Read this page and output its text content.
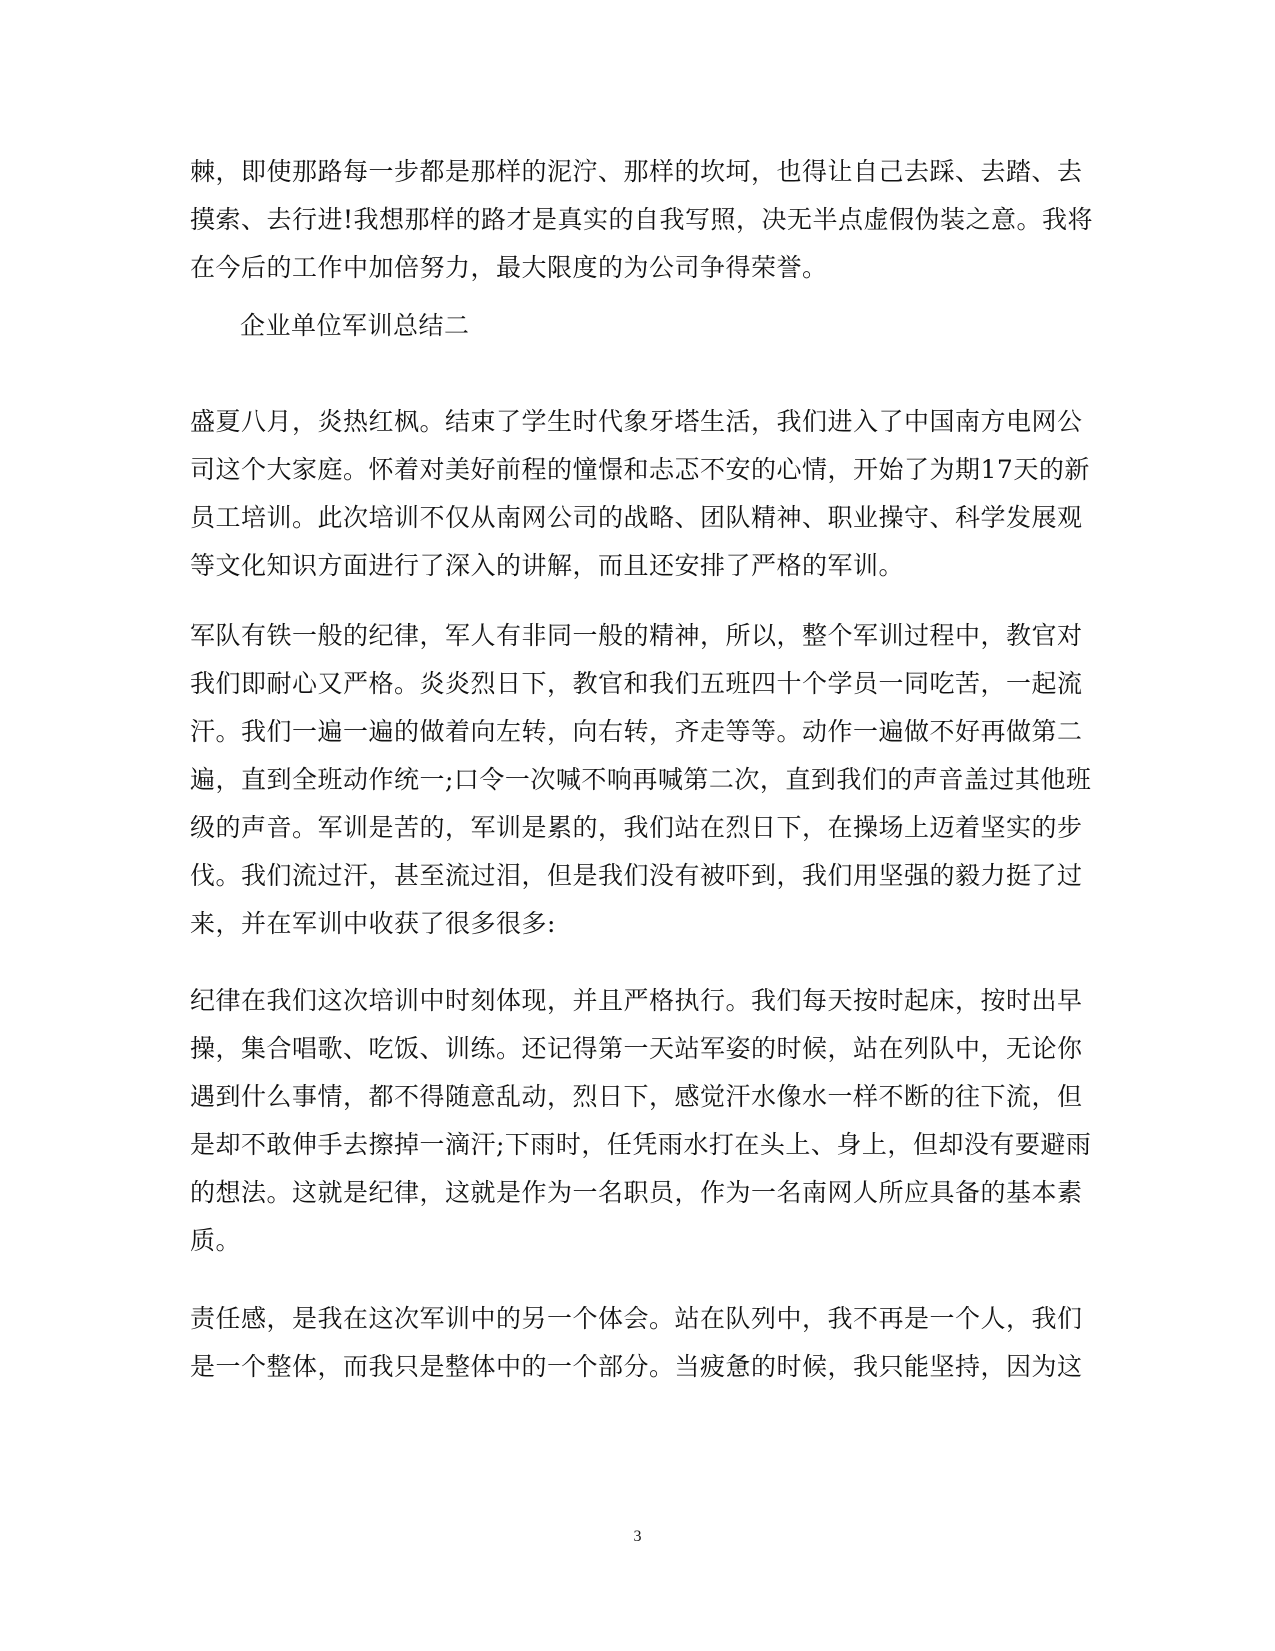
棘，即使那路每一步都是那样的泥泞、那样的坎坷，也得让自己去踩、去踏、去
摸索、去行进!我想那样的路才是真实的自我写照，决无半点虚假伪装之意。我将
在今后的工作中加倍努力，最大限度的为公司争得荣誉。
企业单位军训总结二
盛夏八月，炎热红枫。结束了学生时代象牙塔生活，我们进入了中国南方电网公
司这个大家庭。怀着对美好前程的憧憬和忐忑不安的心情，开始了为期17天的新
员工培训。此次培训不仅从南网公司的战略、团队精神、职业操守、科学发展观
等文化知识方面进行了深入的讲解，而且还安排了严格的军训。
军队有铁一般的纪律，军人有非同一般的精神，所以，整个军训过程中，教官对
我们即耐心又严格。炎炎烈日下，教官和我们五班四十个学员一同吃苦，一起流
汗。我们一遍一遍的做着向左转，向右转，齐走等等。动作一遍做不好再做第二
遍，直到全班动作统一;口令一次喊不响再喊第二次，直到我们的声音盖过其他班
级的声音。军训是苦的，军训是累的，我们站在烈日下，在操场上迈着坚实的步
伐。我们流过汗，甚至流过泪，但是我们没有被吓到，我们用坚强的毅力挺了过
来，并在军训中收获了很多很多:
纪律在我们这次培训中时刻体现，并且严格执行。我们每天按时起床，按时出早
操，集合唱歌、吃饭、训练。还记得第一天站军姿的时候，站在列队中，无论你
遇到什么事情，都不得随意乱动，烈日下，感觉汗水像水一样不断的往下流，但
是却不敢伸手去擦掉一滴汗;下雨时，任凭雨水打在头上、身上，但却没有要避雨
的想法。这就是纪律，这就是作为一名职员，作为一名南网人所应具备的基本素
质。
责任感，是我在这次军训中的另一个体会。站在队列中，我不再是一个人，我们
是一个整体，而我只是整体中的一个部分。当疲惫的时候，我只能坚持，因为这
3
